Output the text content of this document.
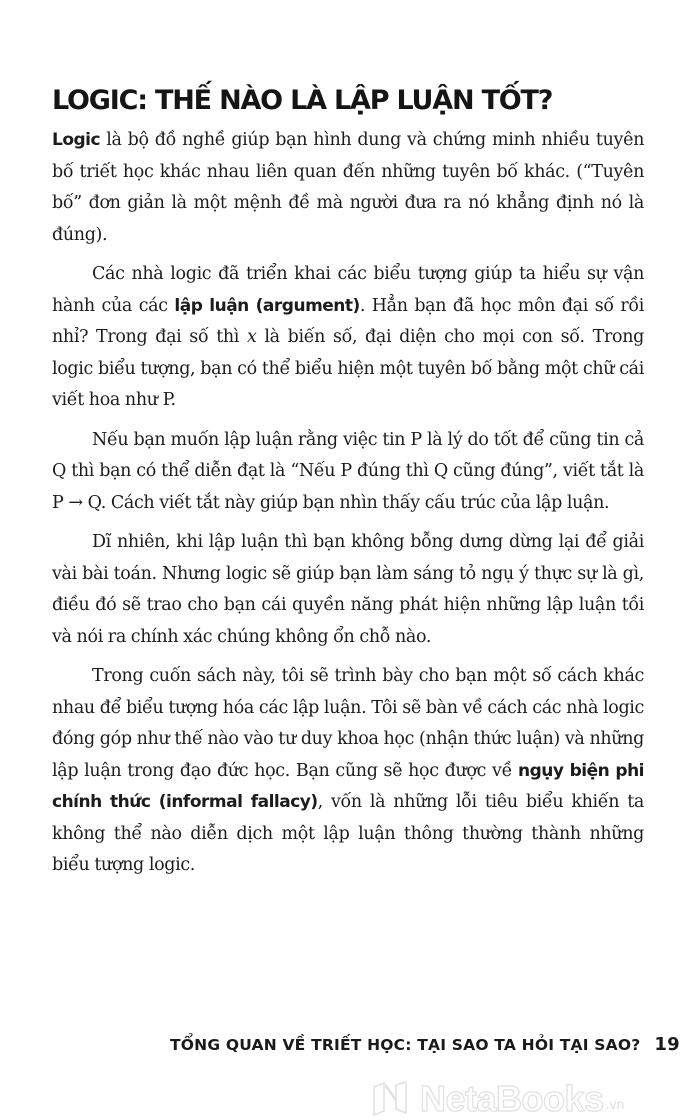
LOGIC: THẾ NÀO LÀ LẬP LUẬN TỐT?

Logic là bộ đồ nghề giúp bạn hình dung và chứng minh nhiều tuyên bố triết học khác nhau liên quan đến những tuyên bố khác. (“Tuyên bố” đơn giản là một mệnh đề mà người đưa ra nó khẳng định nó là đúng).

Các nhà logic đã triển khai các biểu tượng giúp ta hiểu sự vận hành của các lập luận (argument). Hẳn bạn đã học môn đại số rồi nhỉ? Trong đại số thì x là biến số, đại diện cho mọi con số. Trong logic biểu tượng, bạn có thể biểu hiện một tuyên bố bằng một chữ cái viết hoa như P.

Nếu bạn muốn lập luận rằng việc tin P là lý do tốt để cũng tin cả Q thì bạn có thể diễn đạt là “Nếu P đúng thì Q cũng đúng”, viết tắt là P → Q. Cách viết tắt này giúp bạn nhìn thấy cấu trúc của lập luận.

Dĩ nhiên, khi lập luận thì bạn không bỗng dưng dừng lại để giải vài bài toán. Nhưng logic sẽ giúp bạn làm sáng tỏ ngụ ý thực sự là gì, điều đó sẽ trao cho bạn cái quyền năng phát hiện những lập luận tồi và nói ra chính xác chúng không ổn chỗ nào.

Trong cuốn sách này, tôi sẽ trình bày cho bạn một số cách khác nhau để biểu tượng hóa các lập luận. Tôi sẽ bàn về cách các nhà logic đóng góp như thế nào vào tư duy khoa học (nhận thức luận) và những lập luận trong đạo đức học. Bạn cũng sẽ học được về ngụy biện phi chính thức (informal fallacy), vốn là những lỗi tiêu biểu khiến ta không thể nào diễn dịch một lập luận thông thường thành những biểu tượng logic.

TỔNG QUAN VỀ TRIẾT HỌC: TẠI SAO TA HỎI TẠI SAO? 19
NetaBooks .vn
